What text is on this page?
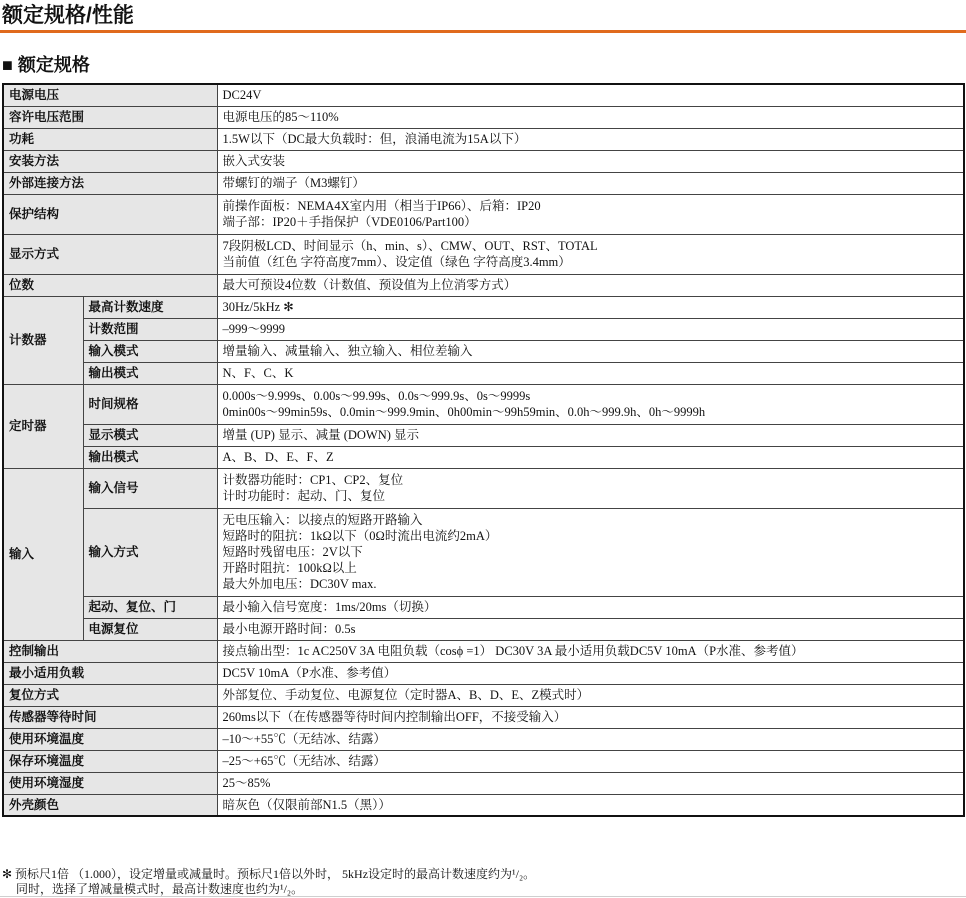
额定规格/性能
■ 额定规格
电源电压		DC24V
容许电压范围		电源电压的85～110%
功耗		1.5W以下（DC最大负载时：但，浪涌电流为15A以下）
安装方法		嵌入式安装
外部连接方法		带螺钉的端子（M3螺钉）
保护结构		前操作面板：NEMA4X室内用（相当于IP66）、后箱：IP20
端子部：IP20＋手指保护（VDE0106/Part100）

显示方式		7段阴极LCD、时间显示（h、min、s）、CMW、OUT、RST、TOTAL
当前值（红色 字符高度7mm）、设定值（绿色 字符高度3.4mm）

位数		最大可预设4位数（计数值、预设值为上位消零方式）
计数器	最高计数速度	30Hz/5kHz ✻
	计数范围	–999～9999
	输入模式	增量输入、减量输入、独立输入、相位差输入
	输出模式	N、F、C、K
定时器	时间规格	0.000s～9.999s、0.00s～99.99s、0.0s～999.9s、0s～9999s
0min00s～99min59s、0.0min～999.9min、0h00min～99h59min、0.0h～999.9h、0h～9999h

	显示模式	增量 (UP) 显示、减量 (DOWN) 显示
	输出模式	A、B、D、E、F、Z
输入	输入信号	计数器功能时：CP1、CP2、复位
计时功能时：起动、门、复位

	输入方式	无电压输入：以接点的短路开路输入
短路时的阻抗：1kΩ以下（0Ω时流出电流约2mA）
短路时残留电压：2V以下
开路时阻抗：100kΩ以上
最大外加电压：DC30V max.

	起动、复位、门	最小输入信号宽度：1ms/20ms（切换）
	电源复位	最小电源开路时间：0.5s
控制输出		接点输出型：1c AC250V 3A 电阻负载（cosϕ =1） DC30V 3A 最小适用负载DC5V 10mA（P水准、参考值）
最小适用负载		DC5V 10mA（P水准、参考值）
复位方式		外部复位、手动复位、电源复位（定时器A、B、D、E、Z模式时）
传感器等待时间		260ms以下（在传感器等待时间内控制输出OFF，不接受输入）
使用环境温度		–10～+55℃（无结冰、结露）
保存环境温度		–25～+65℃（无结冰、结露）
使用环境湿度		25～85%
外壳颜色		暗灰色（仅限前部N1.5（黑））
✻ 预标尺1倍 （1.000），设定增量或减量时。预标尺1倍以外时， 5kHz设定时的最高计数速度约为¹/₂。
同时，选择了增减量模式时，最高计数速度也约为¹/₂。
